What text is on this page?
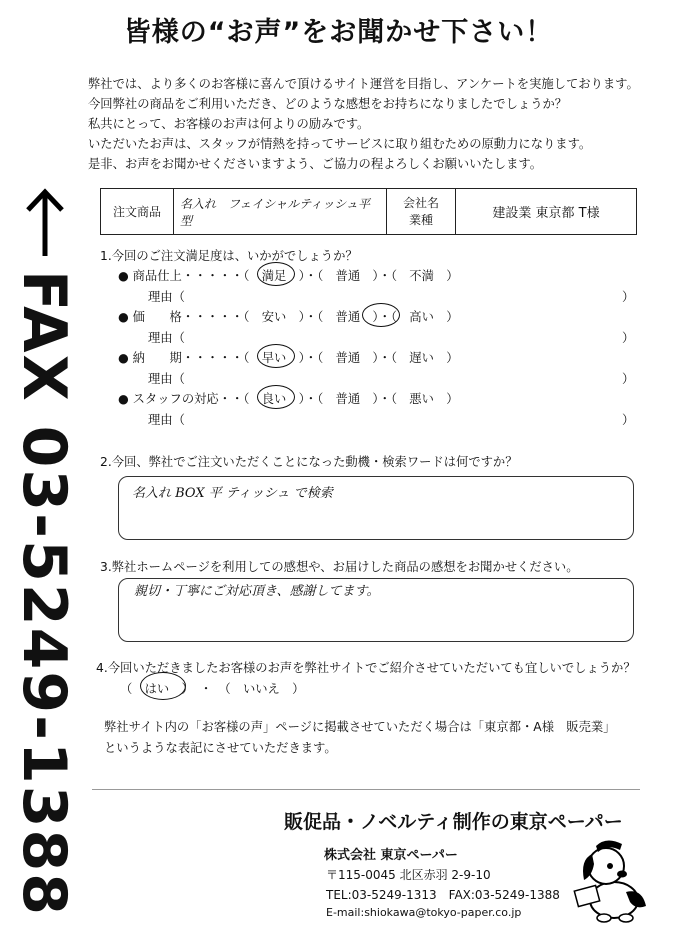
皆様の“お声”をお聞かせ下さい！
弊社では、より多くのお客様に喜んで頂けるサイト運営を目指し、アンケートを実施しております。
今回弊社の商品をご利用いただき、どのような感想をお持ちになりましたでしょうか？
私共にとって、お客様のお声は何よりの励みです。
いただいたお声は、スタッフが情熱を持ってサービスに取り組むための原動力になります。
是非、お声をお聞かせくださいますよう、ご協力の程よろしくお願いいたします。
FAX 03-5249-1388
注文商品	名入れ　フェイシャルティッシュ平型	
会社名
業種	建設業 東京都 T様
1.今回のご注文満足度は、いかがでしょうか？
● 商品仕上・・・・・（　満足　）・（　普通　）・（　不満　）
理由（	）
● 価　　格・・・・・（　安い　）・（　普通　）・（　高い　）
理由（	）
● 納　　期・・・・・（　早い　）・（　普通　）・（　遅い　）
理由（	）
● スタッフの対応・・（　良い　）・（　普通　）・（　悪い　）
理由（	）
2.今回、弊社でご注文いただくことになった動機・検索ワードは何ですか？
名入れ BOX 平 ティッシュ で検索
3.弊社ホームページを利用しての感想や、お届けした商品の感想をお聞かせください。
親切・丁寧にご対応頂き、感謝してます。
4.今回いただきましたお客様のお声を弊社サイトでご紹介させていただいても宜しいでしょうか？
（　はい　）　・　（　いいえ　）
弊社サイト内の「お客様の声」ページに掲載させていただく場合は「東京都・A様　販売業」
というような表記にさせていただきます。
販促品・ノベルティ制作の東京ペーパー
株式会社 東京ペーパー
〒115-0045 北区赤羽 2-9-10
TEL:03-5249-1313　FAX:03-5249-1388
E-mail:shiokawa@tokyo-paper.co.jp
